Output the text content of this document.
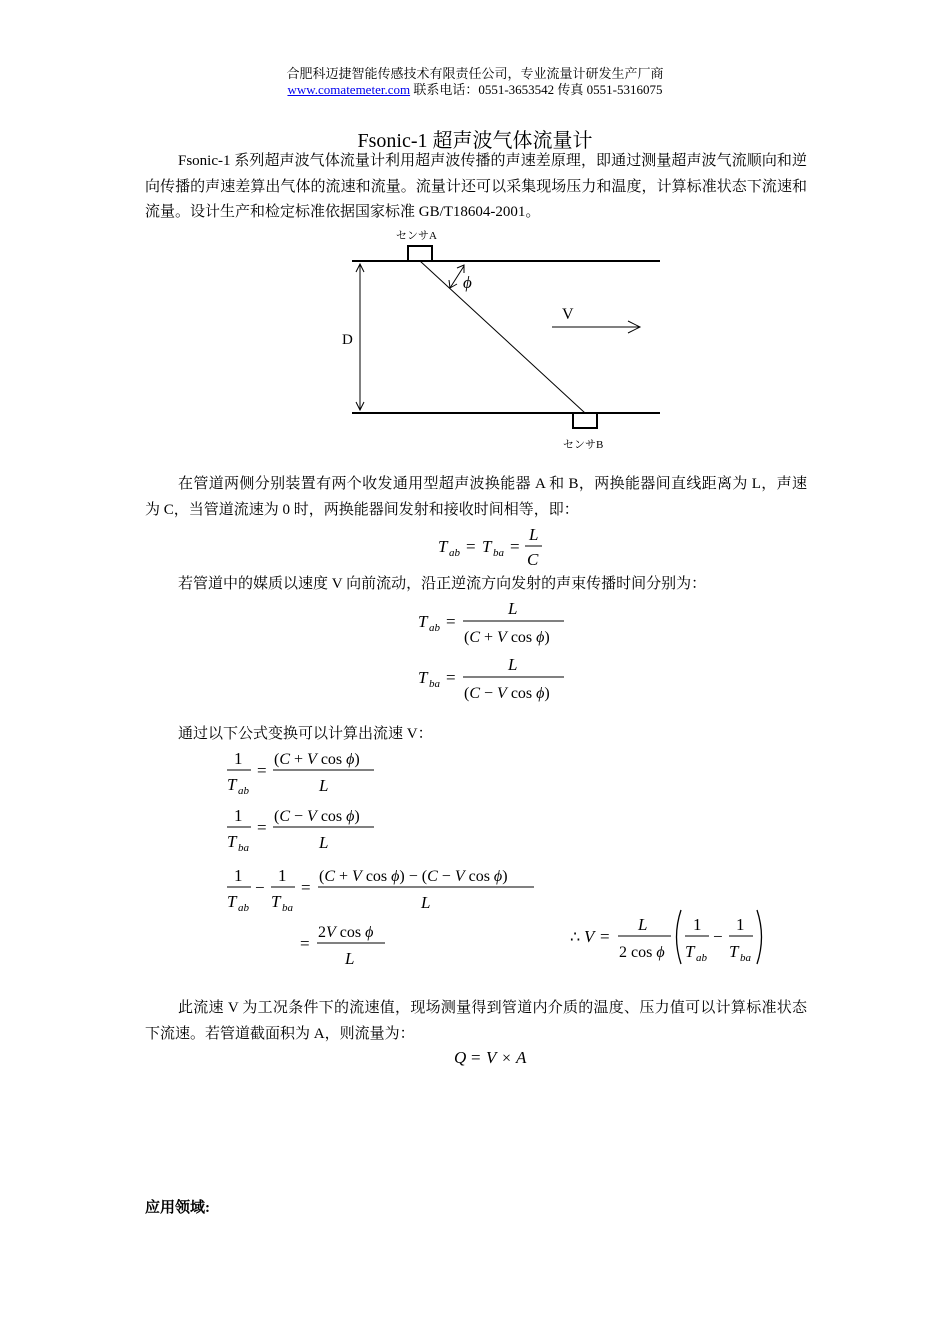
合肥科迈捷智能传感技术有限责任公司，专业流量计研发生产厂商
www.comatemeter.com 联系电话：0551-3653542 传真 0551-5316075
Fsonic-1 超声波气体流量计

Fsonic-1 系列超声波气体流量计利用超声波传播的声速差原理，即通过测量超声波气流顺向和逆向传播的声速差算出气体的流速和流量。流量计还可以采集现场压力和温度，计算标准状态下流速和流量。设计生产和检定标准依据国家标准 GB/T18604-2001。

D
ϕ
V
センサA
センサB

在管道两侧分别装置有两个收发通用型超声波换能器 A 和 B，两换能器间直线距离为 L，声速为 C，当管道流速为 0 时，两换能器间发射和接收时间相等，即：

T ab = T ba =
L
C

若管道中的媒质以速度 V 向前流动，沿正逆流方向发射的声束传播时间分别为：

T ab =
L
(C + V cos ϕ)
T ba =
L
(C − V cos ϕ)

通过以下公式变换可以计算出流速 V：

1
T ab
=
(C + V cos ϕ)
L
1
T ba
=
(C − V cos ϕ)
L
1
T ab
−
1
T ba
=
(C + V cos ϕ) − (C − V cos ϕ)
L
=
2V cos ϕ
L
∴ V =
L
2 cos ϕ
1
T ab
−
1
T ba

此流速 V 为工况条件下的流速值，现场测量得到管道内介质的温度、压力值可以计算标准状态下流速。若管道截面积为 A，则流量为：

Q = V × A
应用领域:
